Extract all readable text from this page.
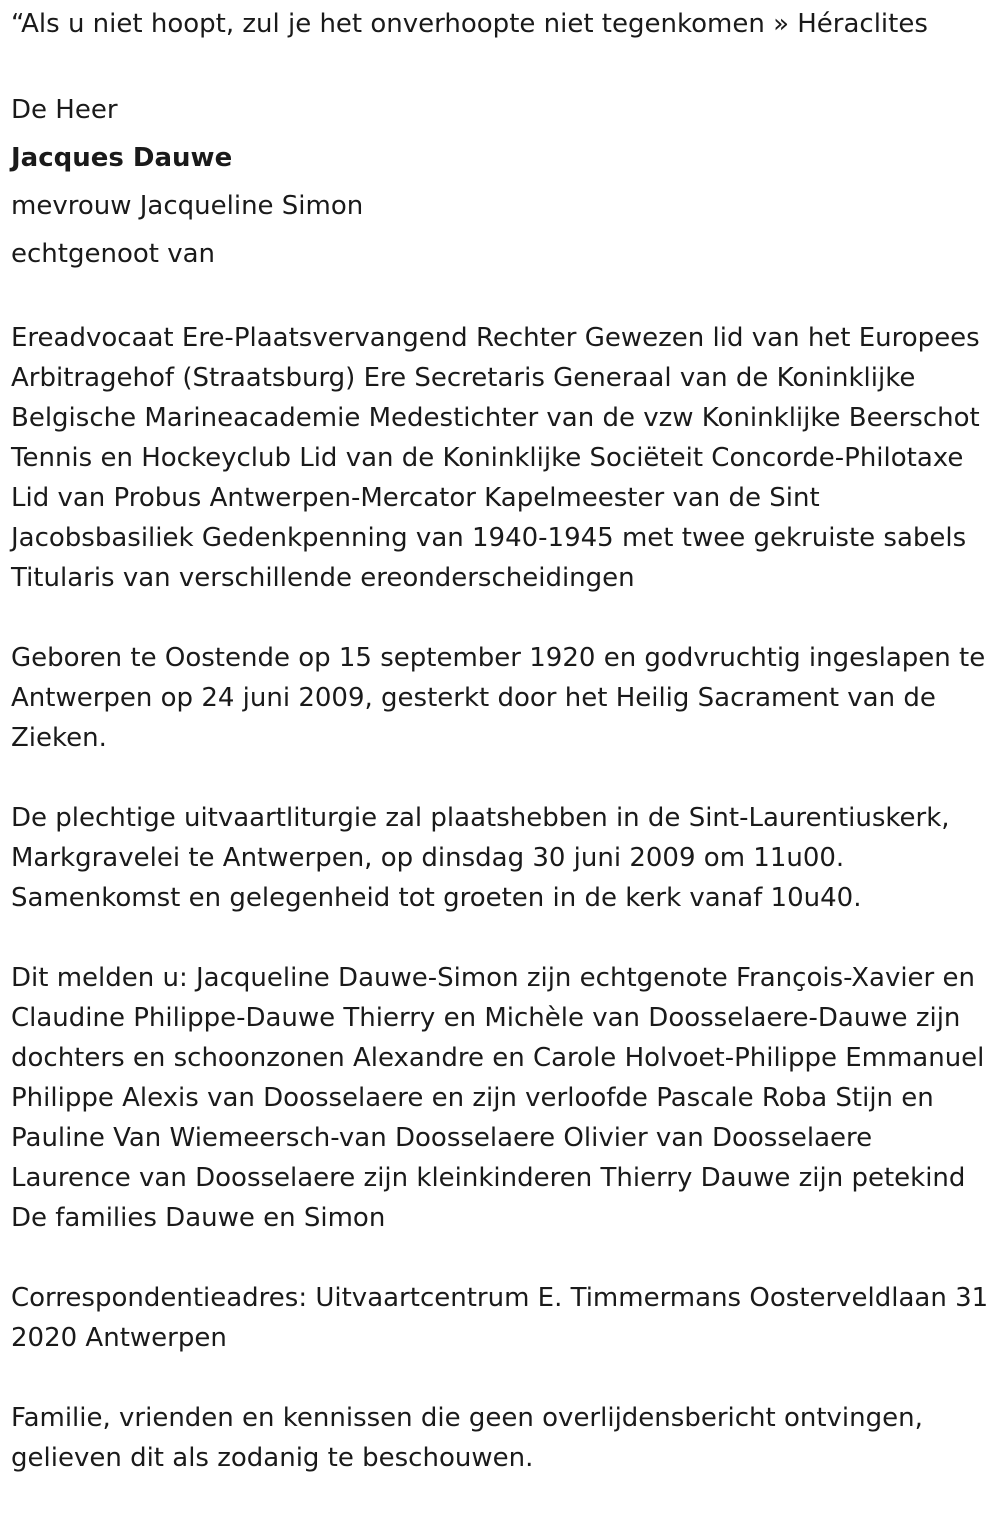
“Als u niet hoopt, zul je het onverhoopte niet tegenkomen » Héraclites

De Heer

Jacques Dauwe

mevrouw Jacqueline Simon

echtgenoot van

Ereadvocaat Ere-Plaatsvervangend Rechter Gewezen lid van het Europees Arbitragehof (Straatsburg) Ere Secretaris Generaal van de Koninklijke Belgische Marineacademie Medestichter van de vzw Koninklijke Beerschot Tennis en Hockeyclub Lid van de Koninklijke Sociëteit Concorde-Philotaxe Lid van Probus Antwerpen-Mercator Kapelmeester van de Sint Jacobsbasiliek Gedenkpenning van 1940-1945 met twee gekruiste sabels Titularis van verschillende ereonderscheidingen

Geboren te Oostende op 15 september 1920 en godvruchtig ingeslapen te Antwerpen op 24 juni 2009, gesterkt door het Heilig Sacrament van de Zieken.

De plechtige uitvaartliturgie zal plaatshebben in de Sint-Laurentiuskerk, Markgravelei te Antwerpen, op dinsdag 30 juni 2009 om 11u00. Samenkomst en gelegenheid tot groeten in de kerk vanaf 10u40.

Dit melden u: Jacqueline Dauwe-Simon zijn echtgenote François-Xavier en Claudine Philippe-Dauwe Thierry en Michèle van Doosselaere-Dauwe zijn dochters en schoonzonen Alexandre en Carole Holvoet-Philippe Emmanuel Philippe Alexis van Doosselaere en zijn verloofde Pascale Roba Stijn en Pauline Van Wiemeersch-van Doosselaere Olivier van Doosselaere Laurence van Doosselaere zijn kleinkinderen Thierry Dauwe zijn petekind De families Dauwe en Simon

Correspondentieadres: Uitvaartcentrum E. Timmermans Oosterveldlaan 31 2020 Antwerpen

Familie, vrienden en kennissen die geen overlijdensbericht ontvingen, gelieven dit als zodanig te beschouwen.
